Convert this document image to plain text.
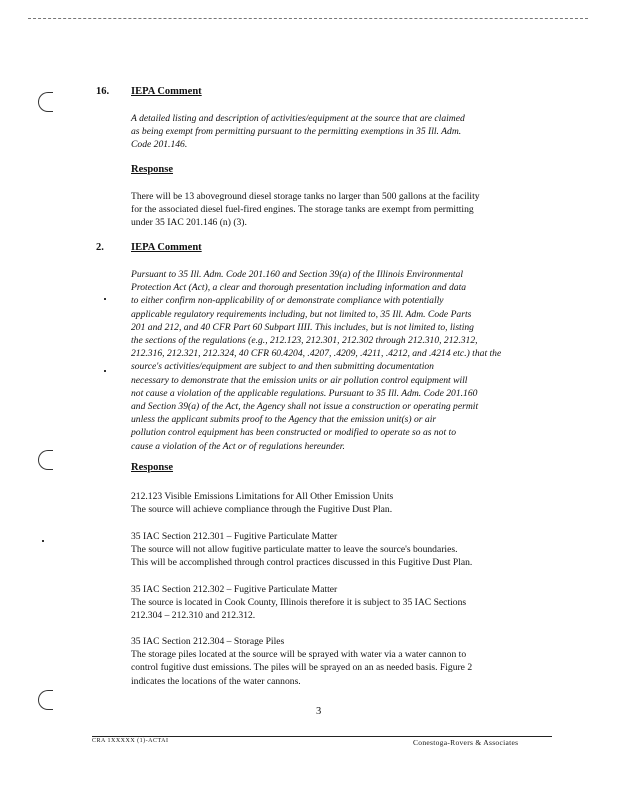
16. IEPA Comment
A detailed listing and description of activities/equipment at the source that are claimed
as being exempt from permitting pursuant to the permitting exemptions in 35 Ill. Adm.
Code 201.146.
Response
There will be 13 aboveground diesel storage tanks no larger than 500 gallons at the facility
for the associated diesel fuel-fired engines. The storage tanks are exempt from permitting
under 35 IAC 201.146 (n) (3).
2.	IEPA Comment
Pursuant to 35 Ill. Adm. Code 201.160 and Section 39(a) of the Illinois Environmental
Protection Act (Act), a clear and thorough presentation including information and data
to either confirm non-applicability of or demonstrate compliance with potentially
applicable regulatory requirements including, but not limited to, 35 Ill. Adm. Code Parts
201 and 212, and 40 CFR Part 60 Subpart IIII. This includes, but is not limited to, listing
the sections of the regulations (e.g., 212.123, 212.301, 212.302 through 212.310, 212.312,
212.316, 212.321, 212.324, 40 CFR 60.4204, .4207, .4209, .4211, .4212, and .4214 etc.) that the
source's activities/equipment are subject to and then submitting documentation
necessary to demonstrate that the emission units or air pollution control equipment will
not cause a violation of the applicable regulations. Pursuant to 35 Ill. Adm. Code 201.160
and Section 39(a) of the Act, the Agency shall not issue a construction or operating permit
unless the applicant submits proof to the Agency that the emission unit(s) or air
pollution control equipment has been constructed or modified to operate so as not to
cause a violation of the Act or of regulations hereunder.
Response
212.123 Visible Emissions Limitations for All Other Emission Units
The source will achieve compliance through the Fugitive Dust Plan.
35 IAC Section 212.301 – Fugitive Particulate Matter
The source will not allow fugitive particulate matter to leave the source's boundaries.
This will be accomplished through control practices discussed in this Fugitive Dust Plan.
35 IAC Section 212.302 – Fugitive Particulate Matter
The source is located in Cook County, Illinois therefore it is subject to 35 IAC Sections
212.304 – 212.310 and 212.312.
35 IAC Section 212.304 – Storage Piles
The storage piles located at the source will be sprayed with water via a water cannon to
control fugitive dust emissions. The piles will be sprayed on an as needed basis. Figure 2
indicates the locations of the water cannons.
3
CRA 1XXXXX (1)-ACTAI	Conestoga-Rovers & Associates
